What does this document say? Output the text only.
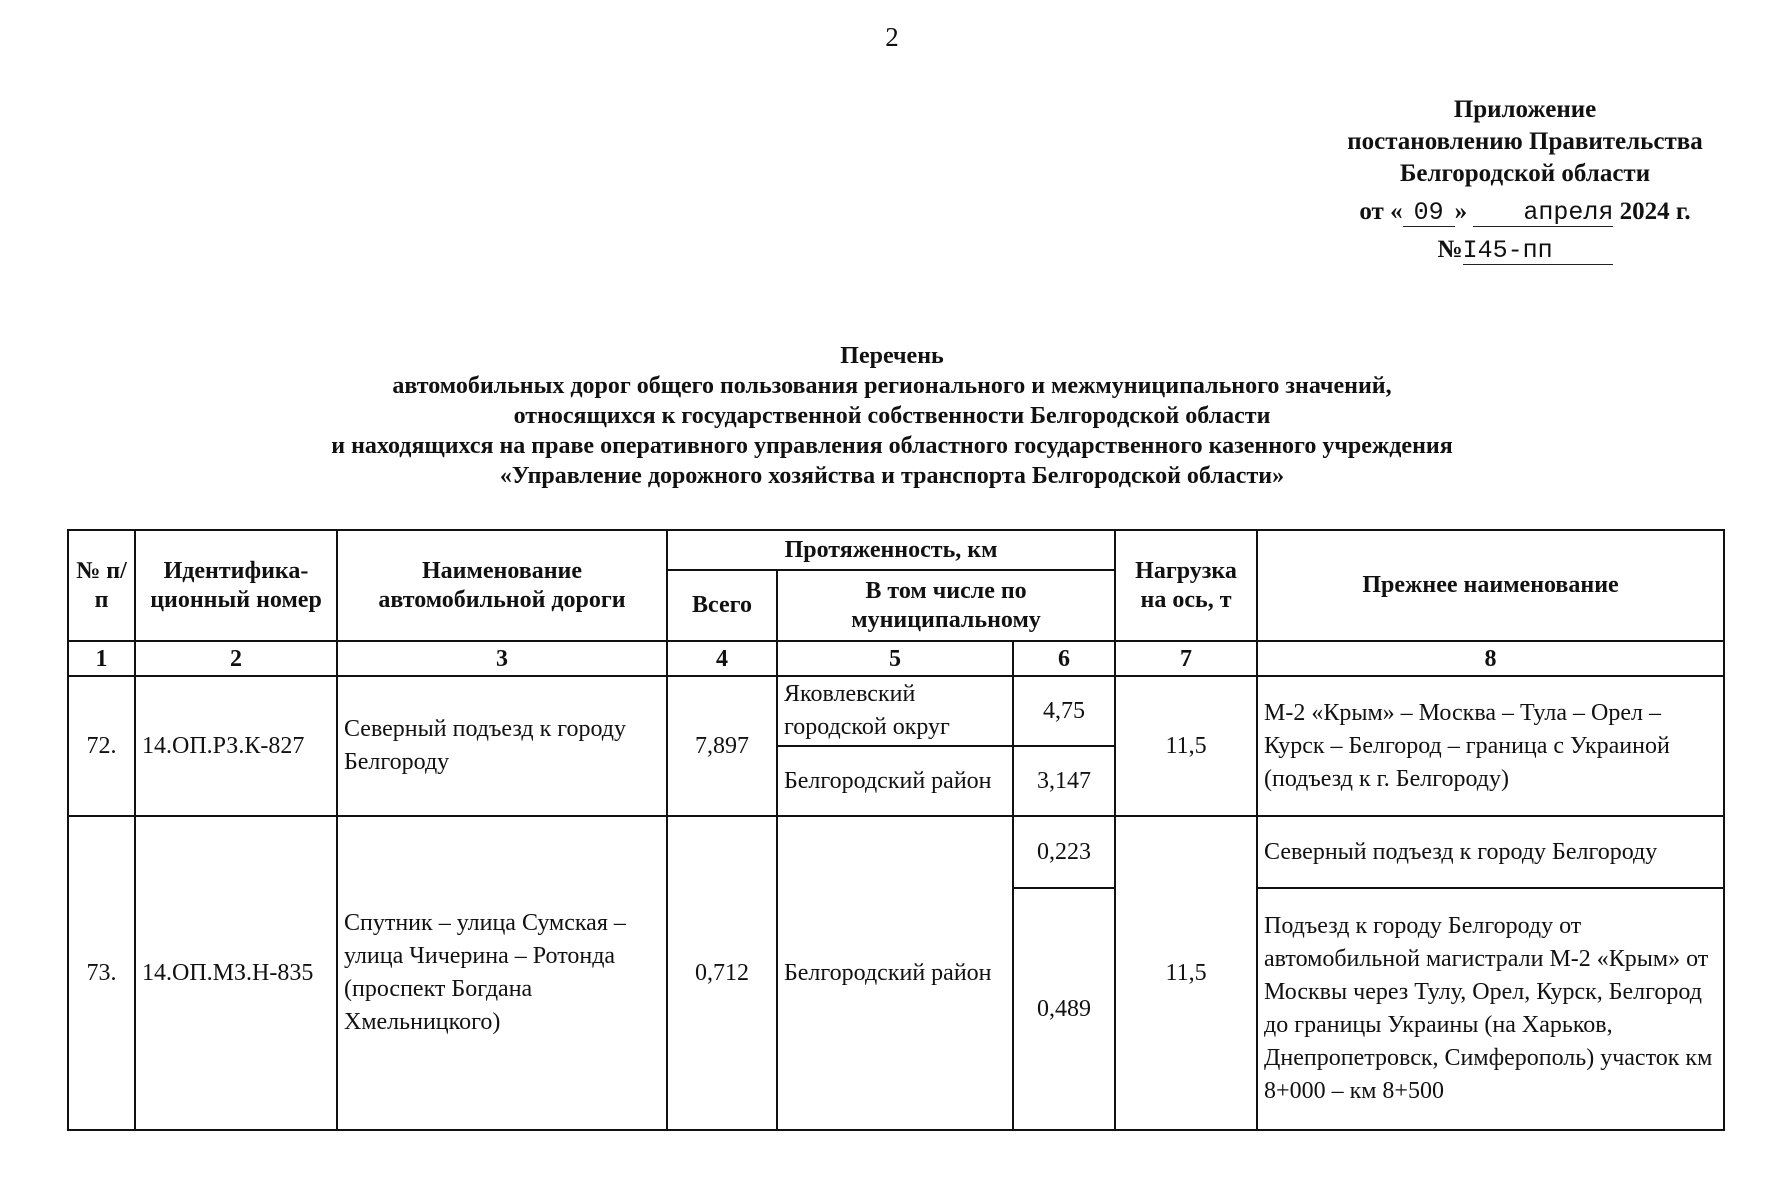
2
Приложение
постановлению Правительства
Белгородской области
от « 09 » апреля 2024 г.
№I45-пп
Перечень
автомобильных дорог общего пользования регионального и межмуниципального значений,
относящихся к государственной собственности Белгородской области
и находящихся на праве оперативного управления областного государственного казенного учреждения
«Управление дорожного хозяйства и транспорта Белгородской области»
№ п/п	Идентифика-ционный номер	Наименование автомобильной дороги	Протяженность, км			Нагрузка на ось, т	Прежнее наименование
			Всего	В том числе по муниципальному			
1	2	3	4	5	6	7	8
72.	14.ОП.РЗ.К-827	Северный подъезд к городу Белгороду	7,897	Яковлевский городской округ	4,75	11,5	М-2 «Крым» – Москва – Тула – Орел – Курск – Белгород – граница с Украиной (подъезд к г. Белгороду)
				Белгородский район	3,147		
73.	14.ОП.МЗ.Н-835	Спутник – улица Сумская – улица Чичерина – Ротонда (проспект Богдана Хмельницкого)	0,712	Белгородский район	0,223	11,5	Северный подъезд к городу Белгороду
					0,489		Подъезд к городу Белгороду от автомобильной магистрали М-2 «Крым» от Москвы через Тулу, Орел, Курск, Белгород до границы Украины (на Харьков, Днепропетровск, Симферополь) участок км 8+000 – км 8+500
